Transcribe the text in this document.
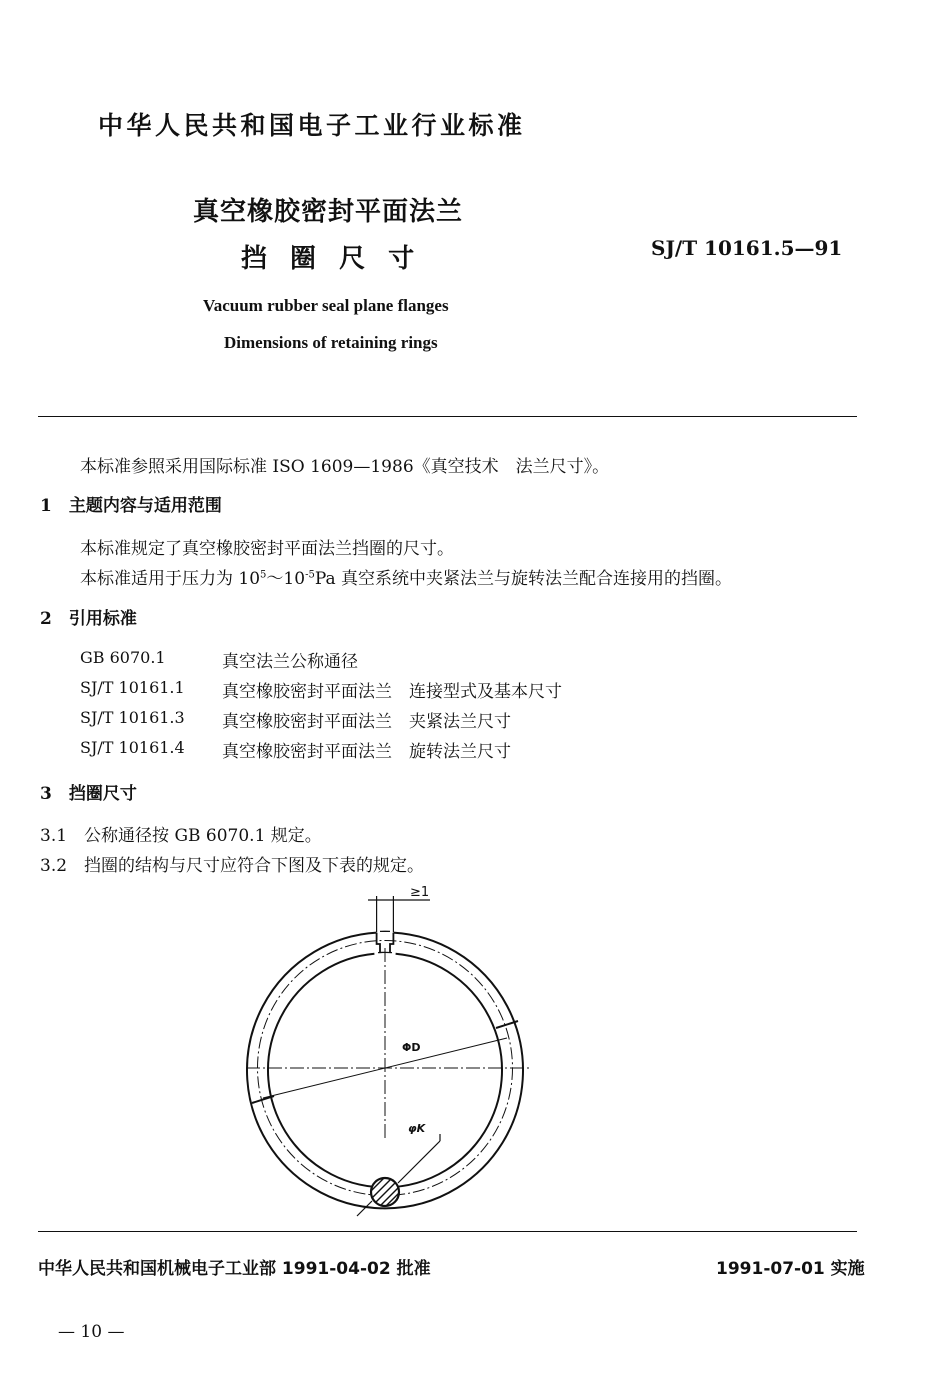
中华人民共和国电子工业行业标准
真空橡胶密封平面法兰
挡 圈 尺 寸	SJ/T 10161.5—91
Vacuum rubber seal plane flanges
Dimensions of retaining rings
本标准参照采用国际标准 ISO 1609—1986《真空技术　法兰尺寸》。
1　主题内容与适用范围
本标准规定了真空橡胶密封平面法兰挡圈的尺寸。
本标准适用于压力为 $10^5\sim 10^{-5}Pa$ 真空系统中夹紧法兰与旋转法兰配合连接用的挡圈。
2　引用标准
GB 6070.1	真空法兰公称通径
SJ/T 10161.1 真空橡胶密封平面法兰　连接型式及基本尺寸
SJ/T 10161.3 真空橡胶密封平面法兰　夹紧法兰尺寸
SJ/T 10161.4 真空橡胶密封平面法兰　旋转法兰尺寸
3　挡圈尺寸
3.1　公称通径按 GB 6070.1 规定。
3.2　挡圈的结构与尺寸应符合下图及下表的规定。
≥1
ΦD
φK
中华人民共和国机械电子工业部 1991-04-02 批准	1991-07-01 实施
— 10 —
